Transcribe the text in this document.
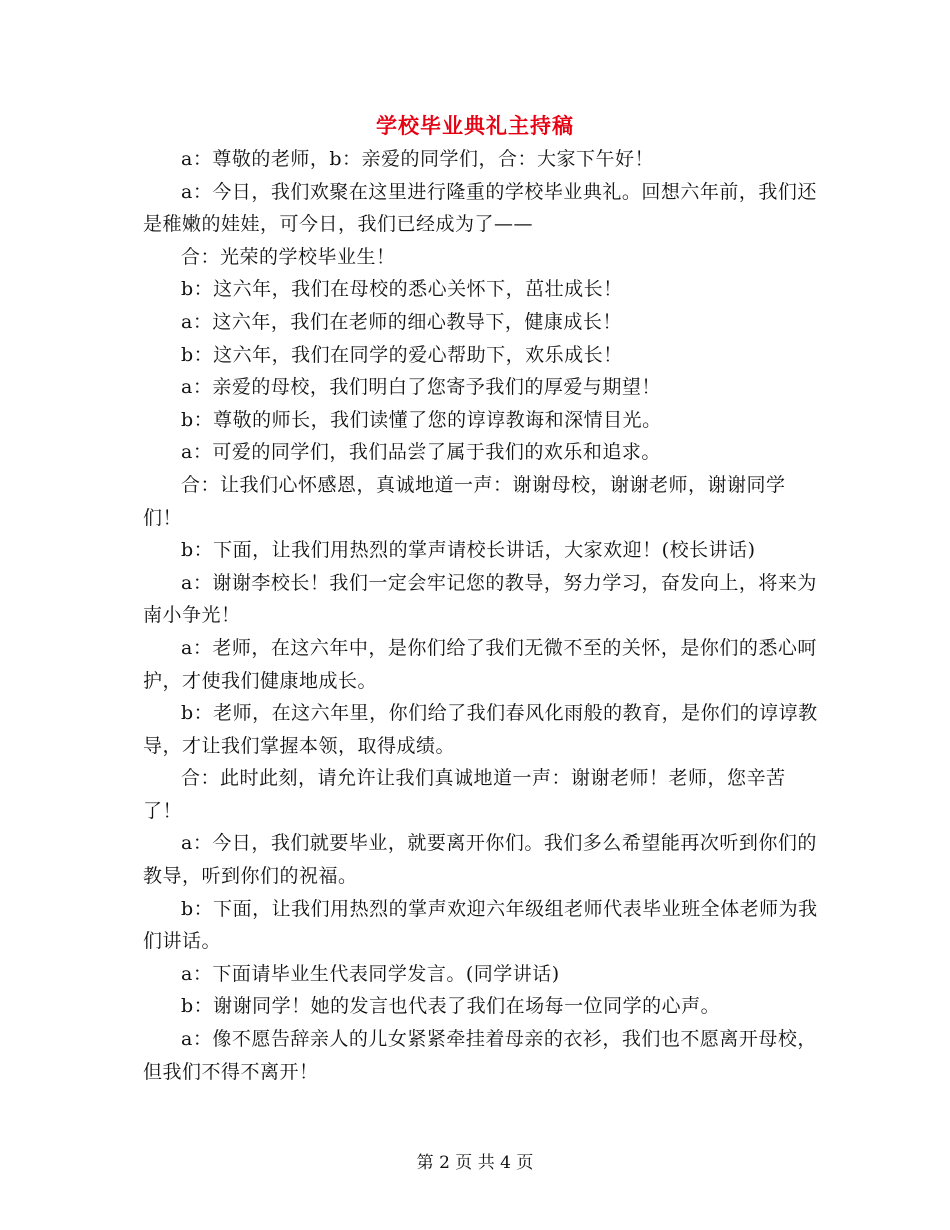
学校毕业典礼主持稿

a：尊敬的老师，b：亲爱的同学们，合：大家下午好！

a：今日，我们欢聚在这里进行隆重的学校毕业典礼。回想六年前，我们还是稚嫩的娃娃，可今日，我们已经成为了——

合：光荣的学校毕业生！

b：这六年，我们在母校的悉心关怀下，茁壮成长！

a：这六年，我们在老师的细心教导下，健康成长！

b：这六年，我们在同学的爱心帮助下，欢乐成长！

a：亲爱的母校，我们明白了您寄予我们的厚爱与期望！

b：尊敬的师长，我们读懂了您的谆谆教诲和深情目光。

a：可爱的同学们，我们品尝了属于我们的欢乐和追求。

合：让我们心怀感恩，真诚地道一声：谢谢母校，谢谢老师，谢谢同学们！

b：下面，让我们用热烈的掌声请校长讲话，大家欢迎！(校长讲话)

a：谢谢李校长！我们一定会牢记您的教导，努力学习，奋发向上，将来为南小争光！

a：老师，在这六年中，是你们给了我们无微不至的关怀，是你们的悉心呵护，才使我们健康地成长。

b：老师，在这六年里，你们给了我们春风化雨般的教育，是你们的谆谆教导，才让我们掌握本领，取得成绩。

合：此时此刻，请允许让我们真诚地道一声：谢谢老师！老师，您辛苦了！

a：今日，我们就要毕业，就要离开你们。我们多么希望能再次听到你们的教导，听到你们的祝福。

b：下面，让我们用热烈的掌声欢迎六年级组老师代表毕业班全体老师为我们讲话。

a：下面请毕业生代表同学发言。(同学讲话)

b：谢谢同学！她的发言也代表了我们在场每一位同学的心声。

a：像不愿告辞亲人的儿女紧紧牵挂着母亲的衣衫，我们也不愿离开母校，但我们不得不离开！

第 2 页 共 4 页
